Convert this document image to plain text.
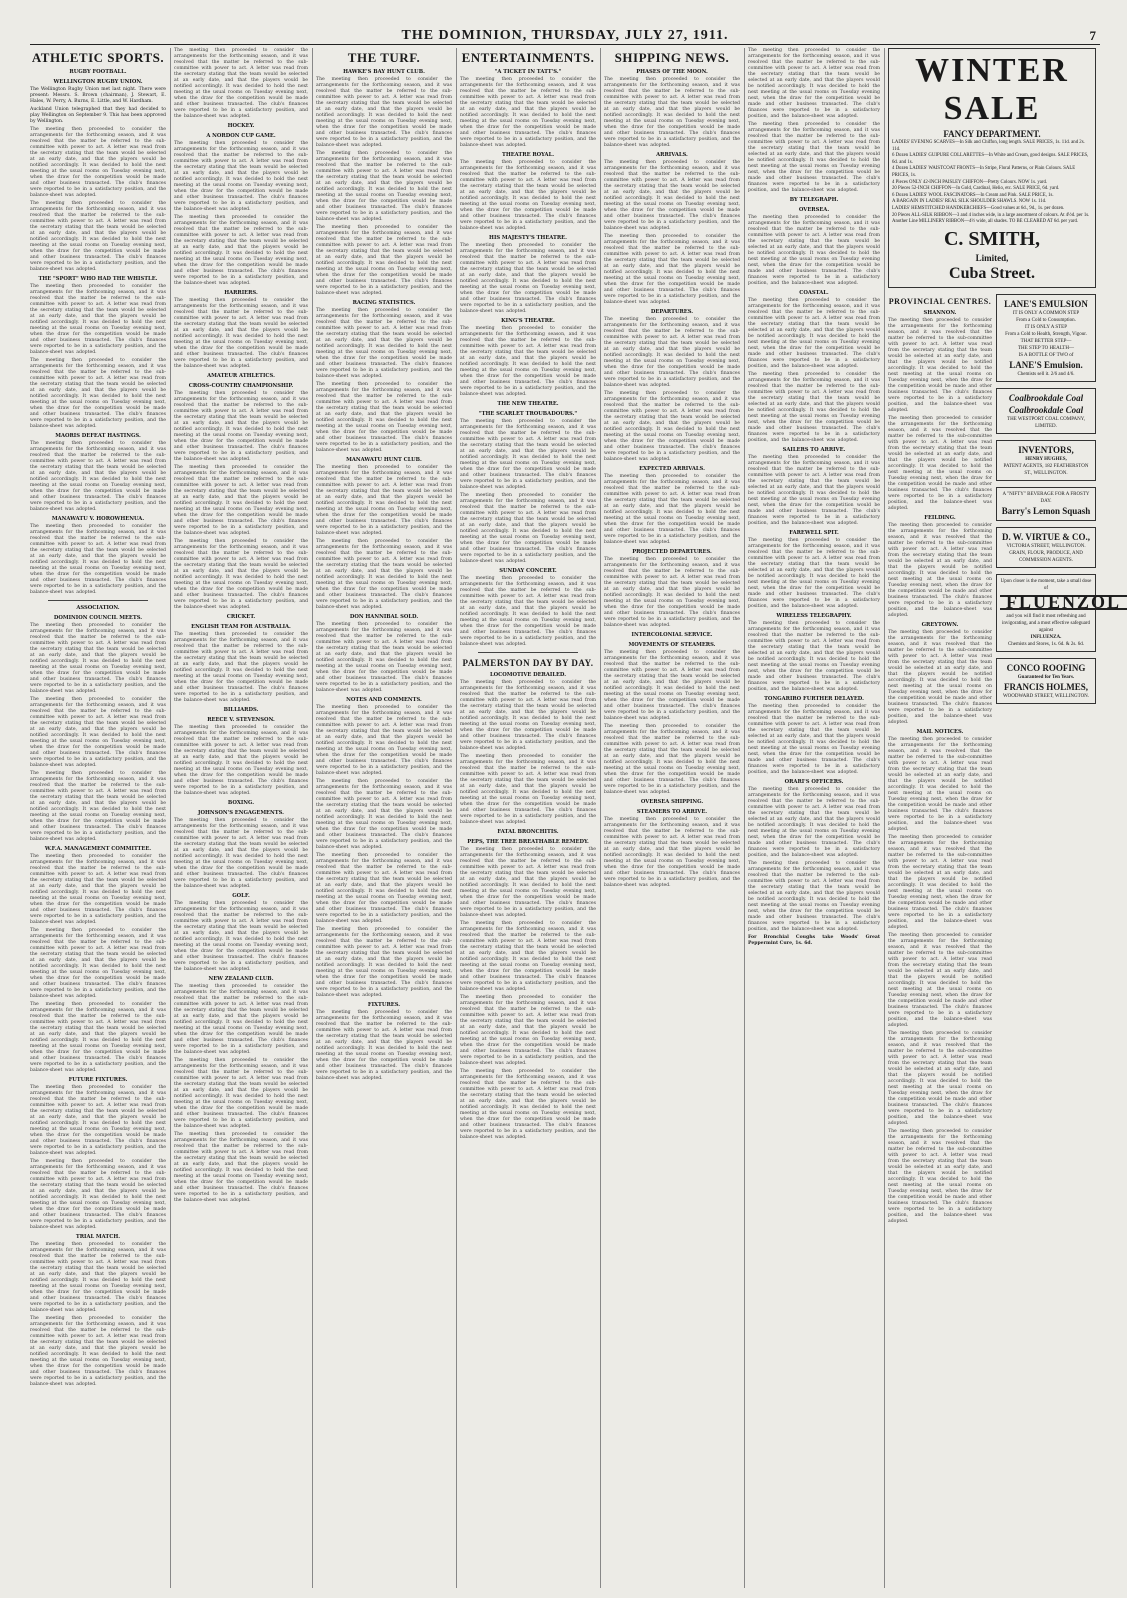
THE DOMINION, THURSDAY, JULY 27, 1911.	7
ATHLETIC SPORTS.
RUGBY FOOTBALL.
WELLINGTON RUGBY UNION.

The Wellington Rugby Union met last night. There were present: Messrs. S. Brown (chairman), J. Stewart, E. Hales, W. Perry, A. Burns, E. Little, and W. Hardham.

Auckland Union telegraphed that they had decided to play Wellington on September 9. This has been approved by Wellington.

The meeting then proceeded to consider the arrangements for the forthcoming season, and it was resolved that the matter be referred to the sub-committee with power to act. A letter was read from the secretary stating that the team would be selected at an early date, and that the players would be notified accordingly. It was decided to hold the next meeting at the usual rooms on Tuesday evening next, when the draw for the competition would be made and other business transacted. The club's finances were reported to be in a satisfactory position, and the balance-sheet was adopted.

The meeting then proceeded to consider the arrangements for the forthcoming season, and it was resolved that the matter be referred to the sub-committee with power to act. A letter was read from the secretary stating that the team would be selected at an early date, and that the players would be notified accordingly. It was decided to hold the next meeting at the usual rooms on Tuesday evening next, when the draw for the competition would be made and other business transacted. The club's finances were reported to be in a satisfactory position, and the balance-sheet was adopted.

THE "SPORT" WHO HAD THE WHISTLE.

The meeting then proceeded to consider the arrangements for the forthcoming season, and it was resolved that the matter be referred to the sub-committee with power to act. A letter was read from the secretary stating that the team would be selected at an early date, and that the players would be notified accordingly. It was decided to hold the next meeting at the usual rooms on Tuesday evening next, when the draw for the competition would be made and other business transacted. The club's finances were reported to be in a satisfactory position, and the balance-sheet was adopted.

The meeting then proceeded to consider the arrangements for the forthcoming season, and it was resolved that the matter be referred to the sub-committee with power to act. A letter was read from the secretary stating that the team would be selected at an early date, and that the players would be notified accordingly. It was decided to hold the next meeting at the usual rooms on Tuesday evening next, when the draw for the competition would be made and other business transacted. The club's finances were reported to be in a satisfactory position, and the balance-sheet was adopted.

MAORIS DEFEAT HASTINGS.

The meeting then proceeded to consider the arrangements for the forthcoming season, and it was resolved that the matter be referred to the sub-committee with power to act. A letter was read from the secretary stating that the team would be selected at an early date, and that the players would be notified accordingly. It was decided to hold the next meeting at the usual rooms on Tuesday evening next, when the draw for the competition would be made and other business transacted. The club's finances were reported to be in a satisfactory position, and the balance-sheet was adopted.

MANAWATU V. HOROWHENUA.

The meeting then proceeded to consider the arrangements for the forthcoming season, and it was resolved that the matter be referred to the sub-committee with power to act. A letter was read from the secretary stating that the team would be selected at an early date, and that the players would be notified accordingly. It was decided to hold the next meeting at the usual rooms on Tuesday evening next, when the draw for the competition would be made and other business transacted. The club's finances were reported to be in a satisfactory position, and the balance-sheet was adopted.

ASSOCIATION.
DOMINION COUNCIL MEETS.

The meeting then proceeded to consider the arrangements for the forthcoming season, and it was resolved that the matter be referred to the sub-committee with power to act. A letter was read from the secretary stating that the team would be selected at an early date, and that the players would be notified accordingly. It was decided to hold the next meeting at the usual rooms on Tuesday evening next, when the draw for the competition would be made and other business transacted. The club's finances were reported to be in a satisfactory position, and the balance-sheet was adopted.

The meeting then proceeded to consider the arrangements for the forthcoming season, and it was resolved that the matter be referred to the sub-committee with power to act. A letter was read from the secretary stating that the team would be selected at an early date, and that the players would be notified accordingly. It was decided to hold the next meeting at the usual rooms on Tuesday evening next, when the draw for the competition would be made and other business transacted. The club's finances were reported to be in a satisfactory position, and the balance-sheet was adopted.

The meeting then proceeded to consider the arrangements for the forthcoming season, and it was resolved that the matter be referred to the sub-committee with power to act. A letter was read from the secretary stating that the team would be selected at an early date, and that the players would be notified accordingly. It was decided to hold the next meeting at the usual rooms on Tuesday evening next, when the draw for the competition would be made and other business transacted. The club's finances were reported to be in a satisfactory position, and the balance-sheet was adopted.

W.F.A. MANAGEMENT COMMITTEE.

The meeting then proceeded to consider the arrangements for the forthcoming season, and it was resolved that the matter be referred to the sub-committee with power to act. A letter was read from the secretary stating that the team would be selected at an early date, and that the players would be notified accordingly. It was decided to hold the next meeting at the usual rooms on Tuesday evening next, when the draw for the competition would be made and other business transacted. The club's finances were reported to be in a satisfactory position, and the balance-sheet was adopted.

The meeting then proceeded to consider the arrangements for the forthcoming season, and it was resolved that the matter be referred to the sub-committee with power to act. A letter was read from the secretary stating that the team would be selected at an early date, and that the players would be notified accordingly. It was decided to hold the next meeting at the usual rooms on Tuesday evening next, when the draw for the competition would be made and other business transacted. The club's finances were reported to be in a satisfactory position, and the balance-sheet was adopted.

The meeting then proceeded to consider the arrangements for the forthcoming season, and it was resolved that the matter be referred to the sub-committee with power to act. A letter was read from the secretary stating that the team would be selected at an early date, and that the players would be notified accordingly. It was decided to hold the next meeting at the usual rooms on Tuesday evening next, when the draw for the competition would be made and other business transacted. The club's finances were reported to be in a satisfactory position, and the balance-sheet was adopted.

FUTURE FIXTURES.

The meeting then proceeded to consider the arrangements for the forthcoming season, and it was resolved that the matter be referred to the sub-committee with power to act. A letter was read from the secretary stating that the team would be selected at an early date, and that the players would be notified accordingly. It was decided to hold the next meeting at the usual rooms on Tuesday evening next, when the draw for the competition would be made and other business transacted. The club's finances were reported to be in a satisfactory position, and the balance-sheet was adopted.

The meeting then proceeded to consider the arrangements for the forthcoming season, and it was resolved that the matter be referred to the sub-committee with power to act. A letter was read from the secretary stating that the team would be selected at an early date, and that the players would be notified accordingly. It was decided to hold the next meeting at the usual rooms on Tuesday evening next, when the draw for the competition would be made and other business transacted. The club's finances were reported to be in a satisfactory position, and the balance-sheet was adopted.

TRIAL MATCH.

The meeting then proceeded to consider the arrangements for the forthcoming season, and it was resolved that the matter be referred to the sub-committee with power to act. A letter was read from the secretary stating that the team would be selected at an early date, and that the players would be notified accordingly. It was decided to hold the next meeting at the usual rooms on Tuesday evening next, when the draw for the competition would be made and other business transacted. The club's finances were reported to be in a satisfactory position, and the balance-sheet was adopted.

The meeting then proceeded to consider the arrangements for the forthcoming season, and it was resolved that the matter be referred to the sub-committee with power to act. A letter was read from the secretary stating that the team would be selected at an early date, and that the players would be notified accordingly. It was decided to hold the next meeting at the usual rooms on Tuesday evening next, when the draw for the competition would be made and other business transacted. The club's finances were reported to be in a satisfactory position, and the balance-sheet was adopted.

The meeting then proceeded to consider the arrangements for the forthcoming season, and it was resolved that the matter be referred to the sub-committee with power to act. A letter was read from the secretary stating that the team would be selected at an early date, and that the players would be notified accordingly. It was decided to hold the next meeting at the usual rooms on Tuesday evening next, when the draw for the competition would be made and other business transacted. The club's finances were reported to be in a satisfactory position, and the balance-sheet was adopted.

HOCKEY.
A NORDON CUP GAME.

The meeting then proceeded to consider the arrangements for the forthcoming season, and it was resolved that the matter be referred to the sub-committee with power to act. A letter was read from the secretary stating that the team would be selected at an early date, and that the players would be notified accordingly. It was decided to hold the next meeting at the usual rooms on Tuesday evening next, when the draw for the competition would be made and other business transacted. The club's finances were reported to be in a satisfactory position, and the balance-sheet was adopted.

The meeting then proceeded to consider the arrangements for the forthcoming season, and it was resolved that the matter be referred to the sub-committee with power to act. A letter was read from the secretary stating that the team would be selected at an early date, and that the players would be notified accordingly. It was decided to hold the next meeting at the usual rooms on Tuesday evening next, when the draw for the competition would be made and other business transacted. The club's finances were reported to be in a satisfactory position, and the balance-sheet was adopted.

HARRIERS.

The meeting then proceeded to consider the arrangements for the forthcoming season, and it was resolved that the matter be referred to the sub-committee with power to act. A letter was read from the secretary stating that the team would be selected at an early date, and that the players would be notified accordingly. It was decided to hold the next meeting at the usual rooms on Tuesday evening next, when the draw for the competition would be made and other business transacted. The club's finances were reported to be in a satisfactory position, and the balance-sheet was adopted.

AMATEUR ATHLETICS.
CROSS-COUNTRY CHAMPIONSHIP.

The meeting then proceeded to consider the arrangements for the forthcoming season, and it was resolved that the matter be referred to the sub-committee with power to act. A letter was read from the secretary stating that the team would be selected at an early date, and that the players would be notified accordingly. It was decided to hold the next meeting at the usual rooms on Tuesday evening next, when the draw for the competition would be made and other business transacted. The club's finances were reported to be in a satisfactory position, and the balance-sheet was adopted.

The meeting then proceeded to consider the arrangements for the forthcoming season, and it was resolved that the matter be referred to the sub-committee with power to act. A letter was read from the secretary stating that the team would be selected at an early date, and that the players would be notified accordingly. It was decided to hold the next meeting at the usual rooms on Tuesday evening next, when the draw for the competition would be made and other business transacted. The club's finances were reported to be in a satisfactory position, and the balance-sheet was adopted.

The meeting then proceeded to consider the arrangements for the forthcoming season, and it was resolved that the matter be referred to the sub-committee with power to act. A letter was read from the secretary stating that the team would be selected at an early date, and that the players would be notified accordingly. It was decided to hold the next meeting at the usual rooms on Tuesday evening next, when the draw for the competition would be made and other business transacted. The club's finances were reported to be in a satisfactory position, and the balance-sheet was adopted.

CRICKET.
ENGLISH TEAM FOR AUSTRALIA.

The meeting then proceeded to consider the arrangements for the forthcoming season, and it was resolved that the matter be referred to the sub-committee with power to act. A letter was read from the secretary stating that the team would be selected at an early date, and that the players would be notified accordingly. It was decided to hold the next meeting at the usual rooms on Tuesday evening next, when the draw for the competition would be made and other business transacted. The club's finances were reported to be in a satisfactory position, and the balance-sheet was adopted.

BILLIARDS.
REECE V. STEVENSON.

The meeting then proceeded to consider the arrangements for the forthcoming season, and it was resolved that the matter be referred to the sub-committee with power to act. A letter was read from the secretary stating that the team would be selected at an early date, and that the players would be notified accordingly. It was decided to hold the next meeting at the usual rooms on Tuesday evening next, when the draw for the competition would be made and other business transacted. The club's finances were reported to be in a satisfactory position, and the balance-sheet was adopted.

BOXING.
JOHNSON'S ENGAGEMENTS.

The meeting then proceeded to consider the arrangements for the forthcoming season, and it was resolved that the matter be referred to the sub-committee with power to act. A letter was read from the secretary stating that the team would be selected at an early date, and that the players would be notified accordingly. It was decided to hold the next meeting at the usual rooms on Tuesday evening next, when the draw for the competition would be made and other business transacted. The club's finances were reported to be in a satisfactory position, and the balance-sheet was adopted.

GOLF.

The meeting then proceeded to consider the arrangements for the forthcoming season, and it was resolved that the matter be referred to the sub-committee with power to act. A letter was read from the secretary stating that the team would be selected at an early date, and that the players would be notified accordingly. It was decided to hold the next meeting at the usual rooms on Tuesday evening next, when the draw for the competition would be made and other business transacted. The club's finances were reported to be in a satisfactory position, and the balance-sheet was adopted.

NEW ZEALAND CLUB.

The meeting then proceeded to consider the arrangements for the forthcoming season, and it was resolved that the matter be referred to the sub-committee with power to act. A letter was read from the secretary stating that the team would be selected at an early date, and that the players would be notified accordingly. It was decided to hold the next meeting at the usual rooms on Tuesday evening next, when the draw for the competition would be made and other business transacted. The club's finances were reported to be in a satisfactory position, and the balance-sheet was adopted.

The meeting then proceeded to consider the arrangements for the forthcoming season, and it was resolved that the matter be referred to the sub-committee with power to act. A letter was read from the secretary stating that the team would be selected at an early date, and that the players would be notified accordingly. It was decided to hold the next meeting at the usual rooms on Tuesday evening next, when the draw for the competition would be made and other business transacted. The club's finances were reported to be in a satisfactory position, and the balance-sheet was adopted.

The meeting then proceeded to consider the arrangements for the forthcoming season, and it was resolved that the matter be referred to the sub-committee with power to act. A letter was read from the secretary stating that the team would be selected at an early date, and that the players would be notified accordingly. It was decided to hold the next meeting at the usual rooms on Tuesday evening next, when the draw for the competition would be made and other business transacted. The club's finances were reported to be in a satisfactory position, and the balance-sheet was adopted.

THE TURF.
HAWKE'S BAY HUNT CLUB.

The meeting then proceeded to consider the arrangements for the forthcoming season, and it was resolved that the matter be referred to the sub-committee with power to act. A letter was read from the secretary stating that the team would be selected at an early date, and that the players would be notified accordingly. It was decided to hold the next meeting at the usual rooms on Tuesday evening next, when the draw for the competition would be made and other business transacted. The club's finances were reported to be in a satisfactory position, and the balance-sheet was adopted.

The meeting then proceeded to consider the arrangements for the forthcoming season, and it was resolved that the matter be referred to the sub-committee with power to act. A letter was read from the secretary stating that the team would be selected at an early date, and that the players would be notified accordingly. It was decided to hold the next meeting at the usual rooms on Tuesday evening next, when the draw for the competition would be made and other business transacted. The club's finances were reported to be in a satisfactory position, and the balance-sheet was adopted.

The meeting then proceeded to consider the arrangements for the forthcoming season, and it was resolved that the matter be referred to the sub-committee with power to act. A letter was read from the secretary stating that the team would be selected at an early date, and that the players would be notified accordingly. It was decided to hold the next meeting at the usual rooms on Tuesday evening next, when the draw for the competition would be made and other business transacted. The club's finances were reported to be in a satisfactory position, and the balance-sheet was adopted.

RACING STATISTICS.

The meeting then proceeded to consider the arrangements for the forthcoming season, and it was resolved that the matter be referred to the sub-committee with power to act. A letter was read from the secretary stating that the team would be selected at an early date, and that the players would be notified accordingly. It was decided to hold the next meeting at the usual rooms on Tuesday evening next, when the draw for the competition would be made and other business transacted. The club's finances were reported to be in a satisfactory position, and the balance-sheet was adopted.

The meeting then proceeded to consider the arrangements for the forthcoming season, and it was resolved that the matter be referred to the sub-committee with power to act. A letter was read from the secretary stating that the team would be selected at an early date, and that the players would be notified accordingly. It was decided to hold the next meeting at the usual rooms on Tuesday evening next, when the draw for the competition would be made and other business transacted. The club's finances were reported to be in a satisfactory position, and the balance-sheet was adopted.

MANAWATU HUNT CLUB.

The meeting then proceeded to consider the arrangements for the forthcoming season, and it was resolved that the matter be referred to the sub-committee with power to act. A letter was read from the secretary stating that the team would be selected at an early date, and that the players would be notified accordingly. It was decided to hold the next meeting at the usual rooms on Tuesday evening next, when the draw for the competition would be made and other business transacted. The club's finances were reported to be in a satisfactory position, and the balance-sheet was adopted.

The meeting then proceeded to consider the arrangements for the forthcoming season, and it was resolved that the matter be referred to the sub-committee with power to act. A letter was read from the secretary stating that the team would be selected at an early date, and that the players would be notified accordingly. It was decided to hold the next meeting at the usual rooms on Tuesday evening next, when the draw for the competition would be made and other business transacted. The club's finances were reported to be in a satisfactory position, and the balance-sheet was adopted.

DON HANNIBAL SOLD.

The meeting then proceeded to consider the arrangements for the forthcoming season, and it was resolved that the matter be referred to the sub-committee with power to act. A letter was read from the secretary stating that the team would be selected at an early date, and that the players would be notified accordingly. It was decided to hold the next meeting at the usual rooms on Tuesday evening next, when the draw for the competition would be made and other business transacted. The club's finances were reported to be in a satisfactory position, and the balance-sheet was adopted.

NOTES AND COMMENTS.

The meeting then proceeded to consider the arrangements for the forthcoming season, and it was resolved that the matter be referred to the sub-committee with power to act. A letter was read from the secretary stating that the team would be selected at an early date, and that the players would be notified accordingly. It was decided to hold the next meeting at the usual rooms on Tuesday evening next, when the draw for the competition would be made and other business transacted. The club's finances were reported to be in a satisfactory position, and the balance-sheet was adopted.

The meeting then proceeded to consider the arrangements for the forthcoming season, and it was resolved that the matter be referred to the sub-committee with power to act. A letter was read from the secretary stating that the team would be selected at an early date, and that the players would be notified accordingly. It was decided to hold the next meeting at the usual rooms on Tuesday evening next, when the draw for the competition would be made and other business transacted. The club's finances were reported to be in a satisfactory position, and the balance-sheet was adopted.

The meeting then proceeded to consider the arrangements for the forthcoming season, and it was resolved that the matter be referred to the sub-committee with power to act. A letter was read from the secretary stating that the team would be selected at an early date, and that the players would be notified accordingly. It was decided to hold the next meeting at the usual rooms on Tuesday evening next, when the draw for the competition would be made and other business transacted. The club's finances were reported to be in a satisfactory position, and the balance-sheet was adopted.

The meeting then proceeded to consider the arrangements for the forthcoming season, and it was resolved that the matter be referred to the sub-committee with power to act. A letter was read from the secretary stating that the team would be selected at an early date, and that the players would be notified accordingly. It was decided to hold the next meeting at the usual rooms on Tuesday evening next, when the draw for the competition would be made and other business transacted. The club's finances were reported to be in a satisfactory position, and the balance-sheet was adopted.

FIXTURES.

The meeting then proceeded to consider the arrangements for the forthcoming season, and it was resolved that the matter be referred to the sub-committee with power to act. A letter was read from the secretary stating that the team would be selected at an early date, and that the players would be notified accordingly. It was decided to hold the next meeting at the usual rooms on Tuesday evening next, when the draw for the competition would be made and other business transacted. The club's finances were reported to be in a satisfactory position, and the balance-sheet was adopted.

ENTERTAINMENTS.
"A TICKET IN TATT'S."

The meeting then proceeded to consider the arrangements for the forthcoming season, and it was resolved that the matter be referred to the sub-committee with power to act. A letter was read from the secretary stating that the team would be selected at an early date, and that the players would be notified accordingly. It was decided to hold the next meeting at the usual rooms on Tuesday evening next, when the draw for the competition would be made and other business transacted. The club's finances were reported to be in a satisfactory position, and the balance-sheet was adopted.

THEATRE ROYAL.

The meeting then proceeded to consider the arrangements for the forthcoming season, and it was resolved that the matter be referred to the sub-committee with power to act. A letter was read from the secretary stating that the team would be selected at an early date, and that the players would be notified accordingly. It was decided to hold the next meeting at the usual rooms on Tuesday evening next, when the draw for the competition would be made and other business transacted. The club's finances were reported to be in a satisfactory position, and the balance-sheet was adopted.

HIS MAJESTY'S THEATRE.

The meeting then proceeded to consider the arrangements for the forthcoming season, and it was resolved that the matter be referred to the sub-committee with power to act. A letter was read from the secretary stating that the team would be selected at an early date, and that the players would be notified accordingly. It was decided to hold the next meeting at the usual rooms on Tuesday evening next, when the draw for the competition would be made and other business transacted. The club's finances were reported to be in a satisfactory position, and the balance-sheet was adopted.

KING'S THEATRE.

The meeting then proceeded to consider the arrangements for the forthcoming season, and it was resolved that the matter be referred to the sub-committee with power to act. A letter was read from the secretary stating that the team would be selected at an early date, and that the players would be notified accordingly. It was decided to hold the next meeting at the usual rooms on Tuesday evening next, when the draw for the competition would be made and other business transacted. The club's finances were reported to be in a satisfactory position, and the balance-sheet was adopted.

THE NEW THEATRE.
"THE SCARLET TROUBADOURS."

The meeting then proceeded to consider the arrangements for the forthcoming season, and it was resolved that the matter be referred to the sub-committee with power to act. A letter was read from the secretary stating that the team would be selected at an early date, and that the players would be notified accordingly. It was decided to hold the next meeting at the usual rooms on Tuesday evening next, when the draw for the competition would be made and other business transacted. The club's finances were reported to be in a satisfactory position, and the balance-sheet was adopted.

The meeting then proceeded to consider the arrangements for the forthcoming season, and it was resolved that the matter be referred to the sub-committee with power to act. A letter was read from the secretary stating that the team would be selected at an early date, and that the players would be notified accordingly. It was decided to hold the next meeting at the usual rooms on Tuesday evening next, when the draw for the competition would be made and other business transacted. The club's finances were reported to be in a satisfactory position, and the balance-sheet was adopted.

SUNDAY CONCERT.

The meeting then proceeded to consider the arrangements for the forthcoming season, and it was resolved that the matter be referred to the sub-committee with power to act. A letter was read from the secretary stating that the team would be selected at an early date, and that the players would be notified accordingly. It was decided to hold the next meeting at the usual rooms on Tuesday evening next, when the draw for the competition would be made and other business transacted. The club's finances were reported to be in a satisfactory position, and the balance-sheet was adopted.

PALMERSTON DAY BY DAY.
LOCOMOTIVE DERAILED.

The meeting then proceeded to consider the arrangements for the forthcoming season, and it was resolved that the matter be referred to the sub-committee with power to act. A letter was read from the secretary stating that the team would be selected at an early date, and that the players would be notified accordingly. It was decided to hold the next meeting at the usual rooms on Tuesday evening next, when the draw for the competition would be made and other business transacted. The club's finances were reported to be in a satisfactory position, and the balance-sheet was adopted.

The meeting then proceeded to consider the arrangements for the forthcoming season, and it was resolved that the matter be referred to the sub-committee with power to act. A letter was read from the secretary stating that the team would be selected at an early date, and that the players would be notified accordingly. It was decided to hold the next meeting at the usual rooms on Tuesday evening next, when the draw for the competition would be made and other business transacted. The club's finances were reported to be in a satisfactory position, and the balance-sheet was adopted.

FATAL BRONCHITIS.
PEPS, THE TREE BREATHABLE REMEDY.

The meeting then proceeded to consider the arrangements for the forthcoming season, and it was resolved that the matter be referred to the sub-committee with power to act. A letter was read from the secretary stating that the team would be selected at an early date, and that the players would be notified accordingly. It was decided to hold the next meeting at the usual rooms on Tuesday evening next, when the draw for the competition would be made and other business transacted. The club's finances were reported to be in a satisfactory position, and the balance-sheet was adopted.

The meeting then proceeded to consider the arrangements for the forthcoming season, and it was resolved that the matter be referred to the sub-committee with power to act. A letter was read from the secretary stating that the team would be selected at an early date, and that the players would be notified accordingly. It was decided to hold the next meeting at the usual rooms on Tuesday evening next, when the draw for the competition would be made and other business transacted. The club's finances were reported to be in a satisfactory position, and the balance-sheet was adopted.

The meeting then proceeded to consider the arrangements for the forthcoming season, and it was resolved that the matter be referred to the sub-committee with power to act. A letter was read from the secretary stating that the team would be selected at an early date, and that the players would be notified accordingly. It was decided to hold the next meeting at the usual rooms on Tuesday evening next, when the draw for the competition would be made and other business transacted. The club's finances were reported to be in a satisfactory position, and the balance-sheet was adopted.

The meeting then proceeded to consider the arrangements for the forthcoming season, and it was resolved that the matter be referred to the sub-committee with power to act. A letter was read from the secretary stating that the team would be selected at an early date, and that the players would be notified accordingly. It was decided to hold the next meeting at the usual rooms on Tuesday evening next, when the draw for the competition would be made and other business transacted. The club's finances were reported to be in a satisfactory position, and the balance-sheet was adopted.

SHIPPING NEWS.
PHASES OF THE MOON.

The meeting then proceeded to consider the arrangements for the forthcoming season, and it was resolved that the matter be referred to the sub-committee with power to act. A letter was read from the secretary stating that the team would be selected at an early date, and that the players would be notified accordingly. It was decided to hold the next meeting at the usual rooms on Tuesday evening next, when the draw for the competition would be made and other business transacted. The club's finances were reported to be in a satisfactory position, and the balance-sheet was adopted.

ARRIVALS.

The meeting then proceeded to consider the arrangements for the forthcoming season, and it was resolved that the matter be referred to the sub-committee with power to act. A letter was read from the secretary stating that the team would be selected at an early date, and that the players would be notified accordingly. It was decided to hold the next meeting at the usual rooms on Tuesday evening next, when the draw for the competition would be made and other business transacted. The club's finances were reported to be in a satisfactory position, and the balance-sheet was adopted.

The meeting then proceeded to consider the arrangements for the forthcoming season, and it was resolved that the matter be referred to the sub-committee with power to act. A letter was read from the secretary stating that the team would be selected at an early date, and that the players would be notified accordingly. It was decided to hold the next meeting at the usual rooms on Tuesday evening next, when the draw for the competition would be made and other business transacted. The club's finances were reported to be in a satisfactory position, and the balance-sheet was adopted.

DEPARTURES.

The meeting then proceeded to consider the arrangements for the forthcoming season, and it was resolved that the matter be referred to the sub-committee with power to act. A letter was read from the secretary stating that the team would be selected at an early date, and that the players would be notified accordingly. It was decided to hold the next meeting at the usual rooms on Tuesday evening next, when the draw for the competition would be made and other business transacted. The club's finances were reported to be in a satisfactory position, and the balance-sheet was adopted.

The meeting then proceeded to consider the arrangements for the forthcoming season, and it was resolved that the matter be referred to the sub-committee with power to act. A letter was read from the secretary stating that the team would be selected at an early date, and that the players would be notified accordingly. It was decided to hold the next meeting at the usual rooms on Tuesday evening next, when the draw for the competition would be made and other business transacted. The club's finances were reported to be in a satisfactory position, and the balance-sheet was adopted.

EXPECTED ARRIVALS.

The meeting then proceeded to consider the arrangements for the forthcoming season, and it was resolved that the matter be referred to the sub-committee with power to act. A letter was read from the secretary stating that the team would be selected at an early date, and that the players would be notified accordingly. It was decided to hold the next meeting at the usual rooms on Tuesday evening next, when the draw for the competition would be made and other business transacted. The club's finances were reported to be in a satisfactory position, and the balance-sheet was adopted.

PROJECTED DEPARTURES.

The meeting then proceeded to consider the arrangements for the forthcoming season, and it was resolved that the matter be referred to the sub-committee with power to act. A letter was read from the secretary stating that the team would be selected at an early date, and that the players would be notified accordingly. It was decided to hold the next meeting at the usual rooms on Tuesday evening next, when the draw for the competition would be made and other business transacted. The club's finances were reported to be in a satisfactory position, and the balance-sheet was adopted.

INTERCOLONIAL SERVICE.
MOVEMENTS OF STEAMERS.

The meeting then proceeded to consider the arrangements for the forthcoming season, and it was resolved that the matter be referred to the sub-committee with power to act. A letter was read from the secretary stating that the team would be selected at an early date, and that the players would be notified accordingly. It was decided to hold the next meeting at the usual rooms on Tuesday evening next, when the draw for the competition would be made and other business transacted. The club's finances were reported to be in a satisfactory position, and the balance-sheet was adopted.

The meeting then proceeded to consider the arrangements for the forthcoming season, and it was resolved that the matter be referred to the sub-committee with power to act. A letter was read from the secretary stating that the team would be selected at an early date, and that the players would be notified accordingly. It was decided to hold the next meeting at the usual rooms on Tuesday evening next, when the draw for the competition would be made and other business transacted. The club's finances were reported to be in a satisfactory position, and the balance-sheet was adopted.

OVERSEA SHIPPING.
STEAMERS TO ARRIVE.

The meeting then proceeded to consider the arrangements for the forthcoming season, and it was resolved that the matter be referred to the sub-committee with power to act. A letter was read from the secretary stating that the team would be selected at an early date, and that the players would be notified accordingly. It was decided to hold the next meeting at the usual rooms on Tuesday evening next, when the draw for the competition would be made and other business transacted. The club's finances were reported to be in a satisfactory position, and the balance-sheet was adopted.

The meeting then proceeded to consider the arrangements for the forthcoming season, and it was resolved that the matter be referred to the sub-committee with power to act. A letter was read from the secretary stating that the team would be selected at an early date, and that the players would be notified accordingly. It was decided to hold the next meeting at the usual rooms on Tuesday evening next, when the draw for the competition would be made and other business transacted. The club's finances were reported to be in a satisfactory position, and the balance-sheet was adopted.

The meeting then proceeded to consider the arrangements for the forthcoming season, and it was resolved that the matter be referred to the sub-committee with power to act. A letter was read from the secretary stating that the team would be selected at an early date, and that the players would be notified accordingly. It was decided to hold the next meeting at the usual rooms on Tuesday evening next, when the draw for the competition would be made and other business transacted. The club's finances were reported to be in a satisfactory position, and the balance-sheet was adopted.

BY TELEGRAPH.
OVERSEA.

The meeting then proceeded to consider the arrangements for the forthcoming season, and it was resolved that the matter be referred to the sub-committee with power to act. A letter was read from the secretary stating that the team would be selected at an early date, and that the players would be notified accordingly. It was decided to hold the next meeting at the usual rooms on Tuesday evening next, when the draw for the competition would be made and other business transacted. The club's finances were reported to be in a satisfactory position, and the balance-sheet was adopted.

COASTAL.

The meeting then proceeded to consider the arrangements for the forthcoming season, and it was resolved that the matter be referred to the sub-committee with power to act. A letter was read from the secretary stating that the team would be selected at an early date, and that the players would be notified accordingly. It was decided to hold the next meeting at the usual rooms on Tuesday evening next, when the draw for the competition would be made and other business transacted. The club's finances were reported to be in a satisfactory position, and the balance-sheet was adopted.

The meeting then proceeded to consider the arrangements for the forthcoming season, and it was resolved that the matter be referred to the sub-committee with power to act. A letter was read from the secretary stating that the team would be selected at an early date, and that the players would be notified accordingly. It was decided to hold the next meeting at the usual rooms on Tuesday evening next, when the draw for the competition would be made and other business transacted. The club's finances were reported to be in a satisfactory position, and the balance-sheet was adopted.

SAILERS TO ARRIVE.

The meeting then proceeded to consider the arrangements for the forthcoming season, and it was resolved that the matter be referred to the sub-committee with power to act. A letter was read from the secretary stating that the team would be selected at an early date, and that the players would be notified accordingly. It was decided to hold the next meeting at the usual rooms on Tuesday evening next, when the draw for the competition would be made and other business transacted. The club's finances were reported to be in a satisfactory position, and the balance-sheet was adopted.

FAREWELL SPIT.

The meeting then proceeded to consider the arrangements for the forthcoming season, and it was resolved that the matter be referred to the sub-committee with power to act. A letter was read from the secretary stating that the team would be selected at an early date, and that the players would be notified accordingly. It was decided to hold the next meeting at the usual rooms on Tuesday evening next, when the draw for the competition would be made and other business transacted. The club's finances were reported to be in a satisfactory position, and the balance-sheet was adopted.

WIRELESS TELEGRAPHY.

The meeting then proceeded to consider the arrangements for the forthcoming season, and it was resolved that the matter be referred to the sub-committee with power to act. A letter was read from the secretary stating that the team would be selected at an early date, and that the players would be notified accordingly. It was decided to hold the next meeting at the usual rooms on Tuesday evening next, when the draw for the competition would be made and other business transacted. The club's finances were reported to be in a satisfactory position, and the balance-sheet was adopted.

TONGARIRO FURTHER DELAYED.

The meeting then proceeded to consider the arrangements for the forthcoming season, and it was resolved that the matter be referred to the sub-committee with power to act. A letter was read from the secretary stating that the team would be selected at an early date, and that the players would be notified accordingly. It was decided to hold the next meeting at the usual rooms on Tuesday evening next, when the draw for the competition would be made and other business transacted. The club's finances were reported to be in a satisfactory position, and the balance-sheet was adopted.

ORARI'S OFFICERS.

The meeting then proceeded to consider the arrangements for the forthcoming season, and it was resolved that the matter be referred to the sub-committee with power to act. A letter was read from the secretary stating that the team would be selected at an early date, and that the players would be notified accordingly. It was decided to hold the next meeting at the usual rooms on Tuesday evening next, when the draw for the competition would be made and other business transacted. The club's finances were reported to be in a satisfactory position, and the balance-sheet was adopted.

The meeting then proceeded to consider the arrangements for the forthcoming season, and it was resolved that the matter be referred to the sub-committee with power to act. A letter was read from the secretary stating that the team would be selected at an early date, and that the players would be notified accordingly. It was decided to hold the next meeting at the usual rooms on Tuesday evening next, when the draw for the competition would be made and other business transacted. The club's finances were reported to be in a satisfactory position, and the balance-sheet was adopted.

For Bronchial Coughs take Woods' Great Peppermint Cure, 1s. 6d.

WINTER SALE
FANCY DEPARTMENT.
LADIES' EVENING SCARVES—In Silk and Chiffon, long length. SALE PRICES, 1s. 11d. and 2s. 11d.
6 Dozen LADIES' GUIPURE COLLARETTES—In White and Cream, good designs. SALE PRICES, 6d. and 1s.
4 Dozen LADIES' WAISTCOAT FRONTS—In Stripe, Floral Patterns, or Plain Colours. SALE PRICES, 1s.
4 Pieces ONLY 42-INCH PAISLEY CHIFFON—Pretty Colours. NOW 1s. yard.
20 Pieces 52-INCH CHIFFON—In Gold, Cardinal, Helio, etc. SALE PRICE, 6d. yard.
6 Dozen LADIES' WOOL FASCINATORS—In Cream and Pink. SALE PRICE, 1s.
A BARGAIN IN LADIES' REAL SILK SHOULDER SHAWLS. NOW 1s. 11d.
LADIES' HEMSTITCHED HANDKERCHIEFS—Good values at 6d., 9d., 1s. per dozen.
20 Pieces ALL-SILK RIBBON—3 and 4 inches wide, in a large assortment of colours. At 4½d. per 1s.
Another Line MILLINERY RIBBON—4½ wide, all shades. TO BE CLEARED AT 6d. per yard.
C. SMITH,
Limited,
Cuba Street.
PROVINCIAL CENTRES.
SHANNON.

The meeting then proceeded to consider the arrangements for the forthcoming season, and it was resolved that the matter be referred to the sub-committee with power to act. A letter was read from the secretary stating that the team would be selected at an early date, and that the players would be notified accordingly. It was decided to hold the next meeting at the usual rooms on Tuesday evening next, when the draw for the competition would be made and other business transacted. The club's finances were reported to be in a satisfactory position, and the balance-sheet was adopted.

The meeting then proceeded to consider the arrangements for the forthcoming season, and it was resolved that the matter be referred to the sub-committee with power to act. A letter was read from the secretary stating that the team would be selected at an early date, and that the players would be notified accordingly. It was decided to hold the next meeting at the usual rooms on Tuesday evening next, when the draw for the competition would be made and other business transacted. The club's finances were reported to be in a satisfactory position, and the balance-sheet was adopted.

FEILDING.

The meeting then proceeded to consider the arrangements for the forthcoming season, and it was resolved that the matter be referred to the sub-committee with power to act. A letter was read from the secretary stating that the team would be selected at an early date, and that the players would be notified accordingly. It was decided to hold the next meeting at the usual rooms on Tuesday evening next, when the draw for the competition would be made and other business transacted. The club's finances were reported to be in a satisfactory position, and the balance-sheet was adopted.

GREYTOWN.

The meeting then proceeded to consider the arrangements for the forthcoming season, and it was resolved that the matter be referred to the sub-committee with power to act. A letter was read from the secretary stating that the team would be selected at an early date, and that the players would be notified accordingly. It was decided to hold the next meeting at the usual rooms on Tuesday evening next, when the draw for the competition would be made and other business transacted. The club's finances were reported to be in a satisfactory position, and the balance-sheet was adopted.

MAIL NOTICES.

The meeting then proceeded to consider the arrangements for the forthcoming season, and it was resolved that the matter be referred to the sub-committee with power to act. A letter was read from the secretary stating that the team would be selected at an early date, and that the players would be notified accordingly. It was decided to hold the next meeting at the usual rooms on Tuesday evening next, when the draw for the competition would be made and other business transacted. The club's finances were reported to be in a satisfactory position, and the balance-sheet was adopted.

The meeting then proceeded to consider the arrangements for the forthcoming season, and it was resolved that the matter be referred to the sub-committee with power to act. A letter was read from the secretary stating that the team would be selected at an early date, and that the players would be notified accordingly. It was decided to hold the next meeting at the usual rooms on Tuesday evening next, when the draw for the competition would be made and other business transacted. The club's finances were reported to be in a satisfactory position, and the balance-sheet was adopted.

The meeting then proceeded to consider the arrangements for the forthcoming season, and it was resolved that the matter be referred to the sub-committee with power to act. A letter was read from the secretary stating that the team would be selected at an early date, and that the players would be notified accordingly. It was decided to hold the next meeting at the usual rooms on Tuesday evening next, when the draw for the competition would be made and other business transacted. The club's finances were reported to be in a satisfactory position, and the balance-sheet was adopted.

The meeting then proceeded to consider the arrangements for the forthcoming season, and it was resolved that the matter be referred to the sub-committee with power to act. A letter was read from the secretary stating that the team would be selected at an early date, and that the players would be notified accordingly. It was decided to hold the next meeting at the usual rooms on Tuesday evening next, when the draw for the competition would be made and other business transacted. The club's finances were reported to be in a satisfactory position, and the balance-sheet was adopted.

The meeting then proceeded to consider the arrangements for the forthcoming season, and it was resolved that the matter be referred to the sub-committee with power to act. A letter was read from the secretary stating that the team would be selected at an early date, and that the players would be notified accordingly. It was decided to hold the next meeting at the usual rooms on Tuesday evening next, when the draw for the competition would be made and other business transacted. The club's finances were reported to be in a satisfactory position, and the balance-sheet was adopted.

LANE'S EMULSION
IT IS ONLY A COMMON STEP
From a Cold to Consumption.
IT IS ONLY A STEP
From a Cold to Health, Strength, Vigour.
THAT BETTER STEP—
THE STEP TO HEALTH—
IS A BOTTLE OF TWO of
LANE'S Emulsion.
Chemists sell it. 2/6 and 4/6.
Coalbrookdale Coal
Coalbrookdale Coal
THE WESTPORT COAL COMPANY, LIMITED.
INVENTORS,
HENRY HUGHES,
PATENT AGENTS, 182 FEATHERSTON ST., WELLINGTON.
A "NIFTY" BEVERAGE FOR A FROSTY DAY.
Barry's Lemon Squash
D. W. VIRTUE & CO.,
VICTORIA STREET, WELLINGTON.
GRAIN, FLOUR, PRODUCE, AND COMMISSION AGENTS.
Upon closer is the moment, take a small dose of
FLUENZOL
and you will find it most refreshing and invigorating, and a most effective safeguard against
INFLUENZA.
Chemists and Stores, 1s. 6d. & 2s. 6d.
CONCO ROOFING
Guaranteed for Ten Years.
FRANCIS HOLMES,
WOODWARD STREET, WELLINGTON.
